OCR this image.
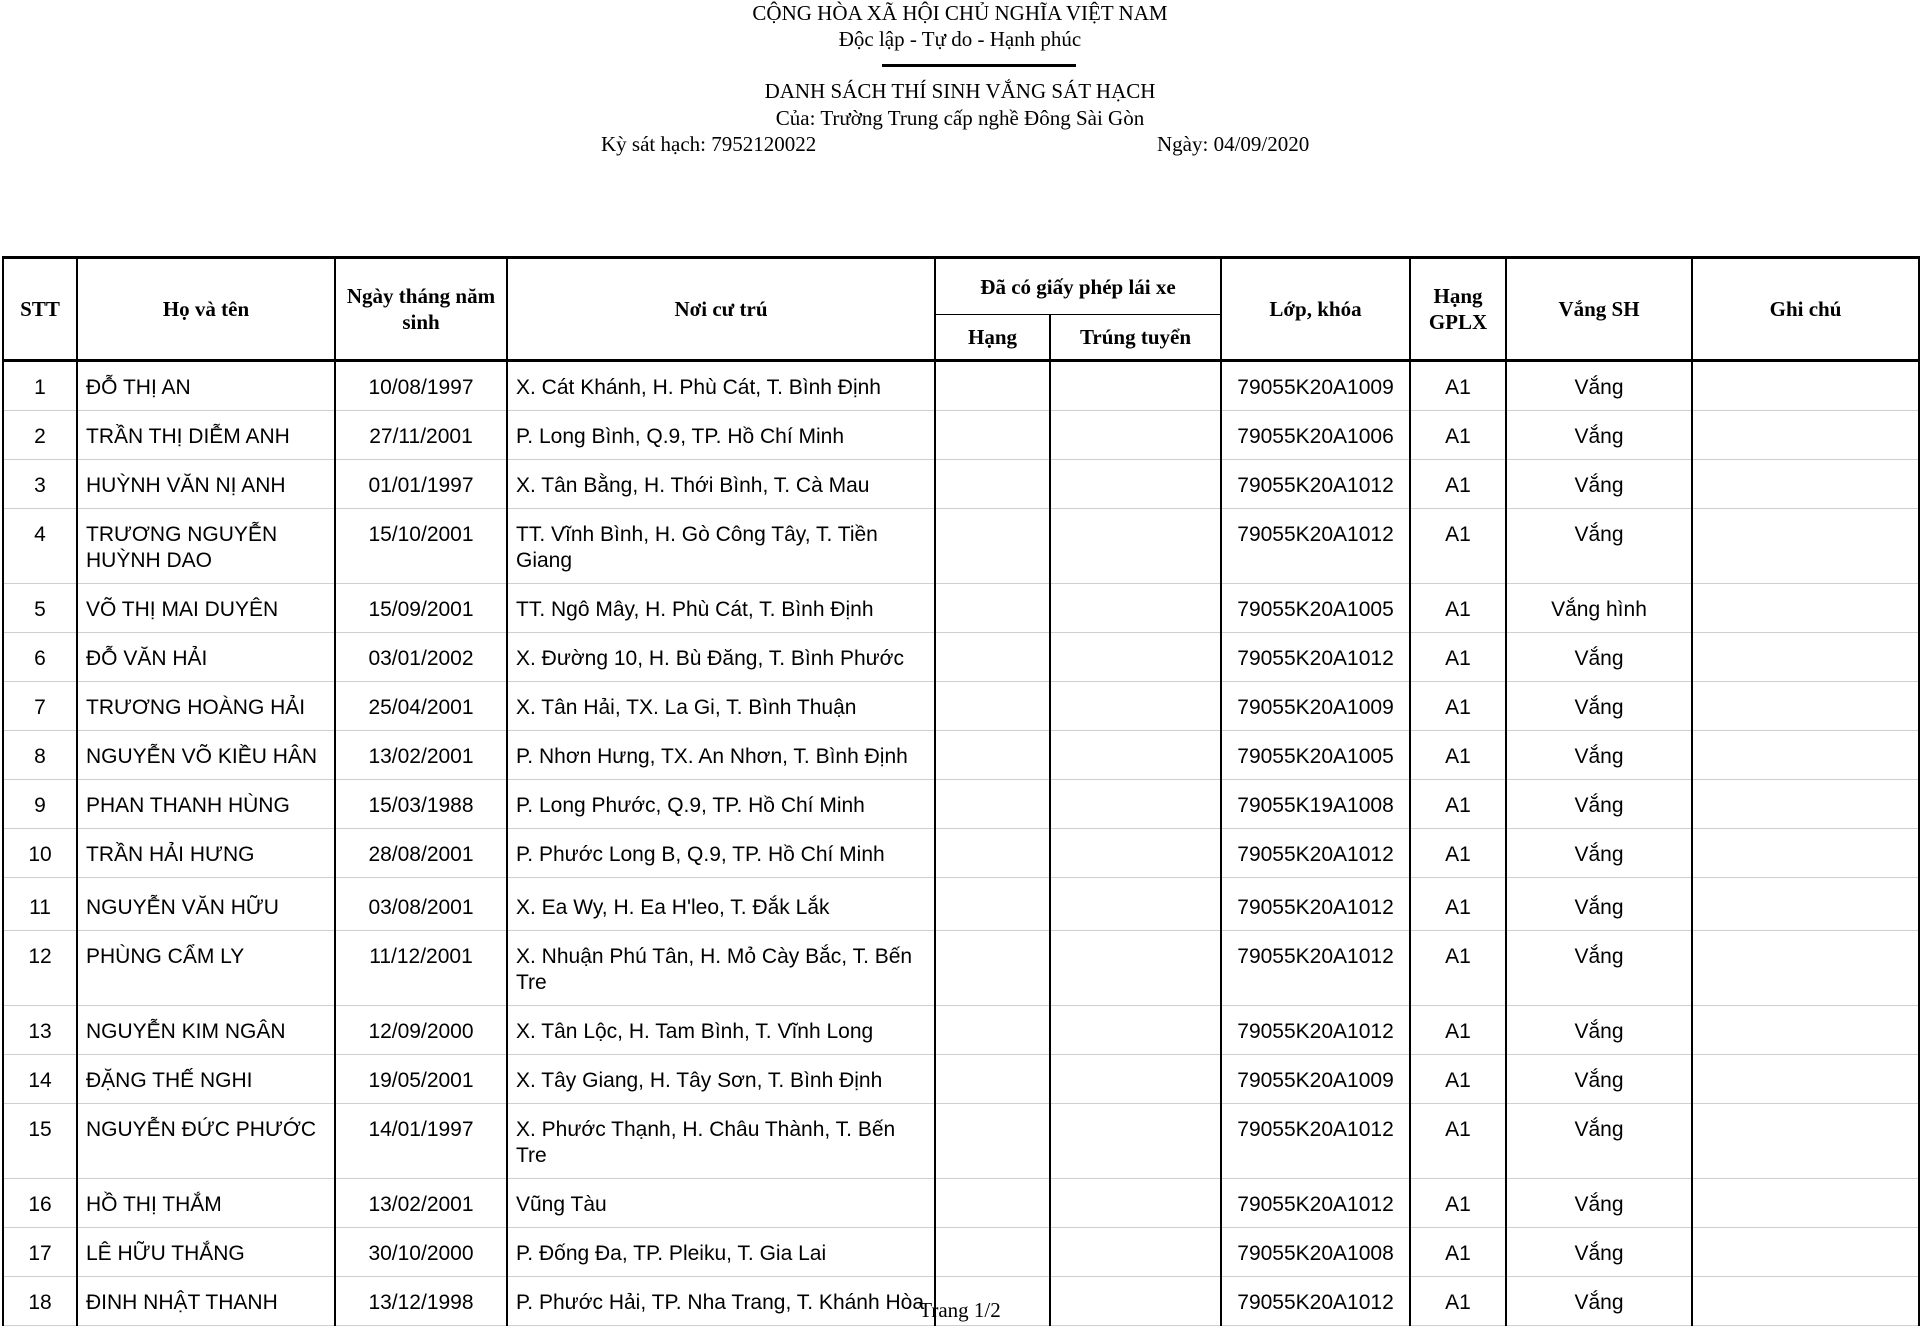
CỘNG HÒA XÃ HỘI CHỦ NGHĨA VIỆT NAM
Độc lập - Tự do - Hạnh phúc
DANH SÁCH THÍ SINH VẮNG SÁT HẠCH
Của: Trường Trung cấp nghề Đông Sài Gòn
Kỳ sát hạch: 7952120022	Ngày: 04/09/2020
STT	Họ và tên	Ngày tháng năm sinh	Nơi cư trú	Đã có giấy phép lái xe		Lớp, khóa	Hạng GPLX	Vắng SH	Ghi chú
				Hạng	Trúng tuyển				
1	ĐỖ THỊ AN	10/08/1997	X. Cát Khánh, H. Phù Cát, T. Bình Định			79055K20A1009	A1	Vắng	
2	TRẦN THỊ DIỄM ANH	27/11/2001	P. Long Bình, Q.9, TP. Hồ Chí Minh			79055K20A1006	A1	Vắng	
3	HUỲNH VĂN NỊ ANH	01/01/1997	X. Tân Bằng, H. Thới Bình, T. Cà Mau			79055K20A1012	A1	Vắng	
4	TRƯƠNG NGUYỄN HUỲNH DAO	15/10/2001	TT. Vĩnh Bình, H. Gò Công Tây, T. Tiền Giang			79055K20A1012	A1	Vắng	
5	VÕ THỊ MAI DUYÊN	15/09/2001	TT. Ngô Mây, H. Phù Cát, T. Bình Định			79055K20A1005	A1	Vắng hình	
6	ĐỖ VĂN HẢI	03/01/2002	X. Đường 10, H. Bù Đăng, T. Bình Phước			79055K20A1012	A1	Vắng	
7	TRƯƠNG HOÀNG HẢI	25/04/2001	X. Tân Hải, TX. La Gi, T. Bình Thuận			79055K20A1009	A1	Vắng	
8	NGUYỄN VÕ KIỀU HÂN	13/02/2001	P. Nhơn Hưng, TX. An Nhơn, T. Bình Định			79055K20A1005	A1	Vắng	
9	PHAN THANH HÙNG	15/03/1988	P. Long Phước, Q.9, TP. Hồ Chí Minh			79055K19A1008	A1	Vắng	
10	TRẦN HẢI HƯNG	28/08/2001	P. Phước Long B, Q.9, TP. Hồ Chí Minh			79055K20A1012	A1	Vắng	
11	NGUYỄN VĂN HỮU	03/08/2001	X. Ea Wy, H. Ea H'leo, T. Đắk Lắk			79055K20A1012	A1	Vắng	
12	PHÙNG CẨM LY	11/12/2001	X. Nhuận Phú Tân, H. Mỏ Cày Bắc, T. Bến Tre			79055K20A1012	A1	Vắng	
13	NGUYỄN KIM NGÂN	12/09/2000	X. Tân Lộc, H. Tam Bình, T. Vĩnh Long			79055K20A1012	A1	Vắng	
14	ĐẶNG THẾ NGHI	19/05/2001	X. Tây Giang, H. Tây Sơn, T. Bình Định			79055K20A1009	A1	Vắng	
15	NGUYỄN ĐỨC PHƯỚC	14/01/1997	X. Phước Thạnh, H. Châu Thành, T. Bến Tre			79055K20A1012	A1	Vắng	
16	HỒ THỊ THẮM	13/02/2001	Vũng Tàu			79055K20A1012	A1	Vắng	
17	LÊ HỮU THẮNG	30/10/2000	P. Đống Đa, TP. Pleiku, T. Gia Lai			79055K20A1008	A1	Vắng	
18	ĐINH NHẬT THANH	13/12/1998	P. Phước Hải, TP. Nha Trang, T. Khánh Hòa			79055K20A1012	A1	Vắng	
Trang 1/2
